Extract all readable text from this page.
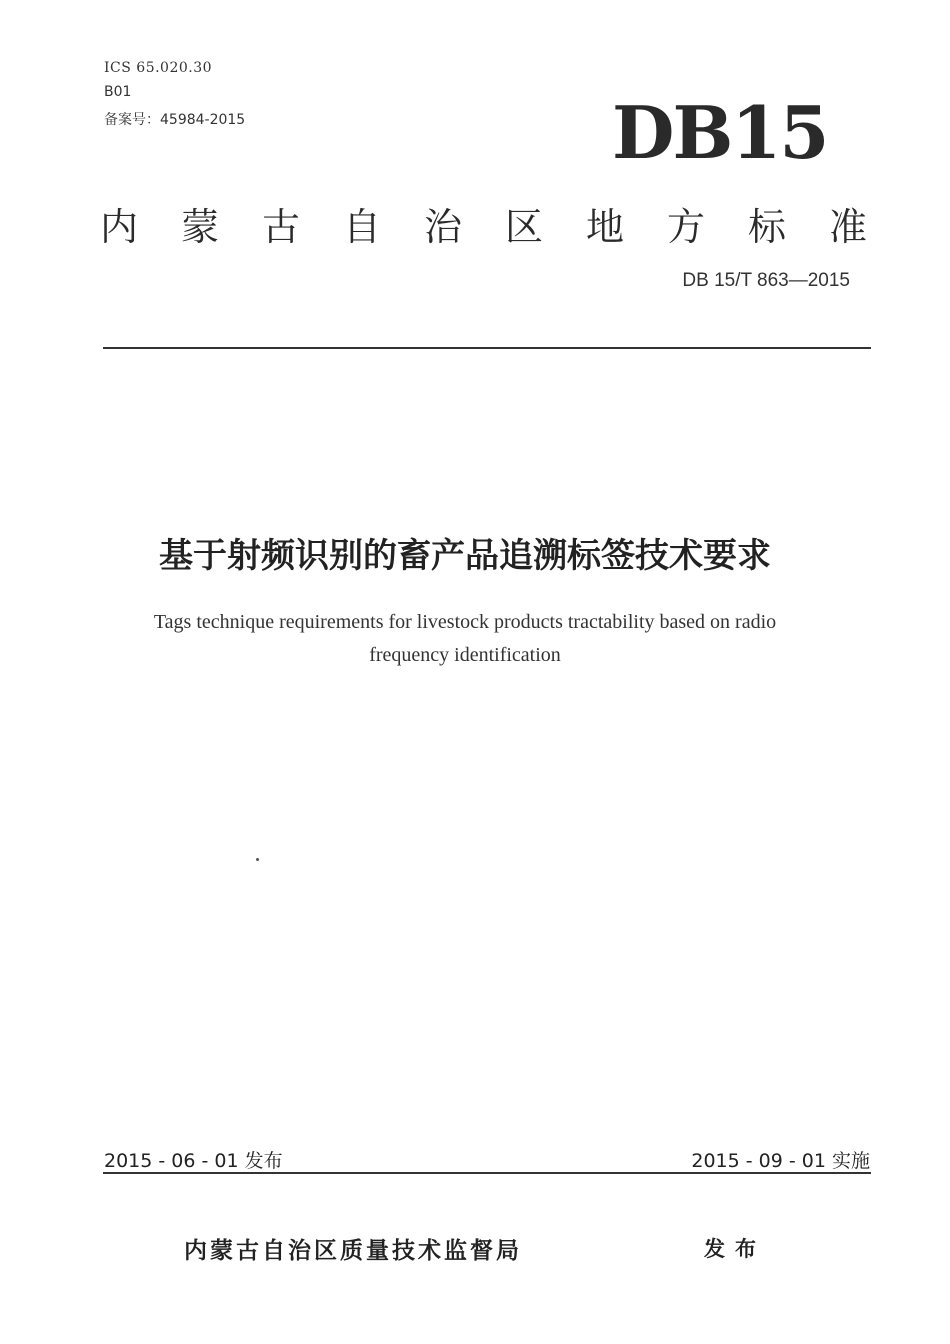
ICS 65.020.30
B01
备案号：45984-2015	DB15
内蒙古自治区地方标准
DB 15/T 863—2015
基于射频识别的畜产品追溯标签技术要求
Tags technique requirements for livestock products tractability based on radio
frequency identification
2015 - 06 - 01 发布	2015 - 09 - 01 实施
内蒙古自治区质量技术监督局	发布
